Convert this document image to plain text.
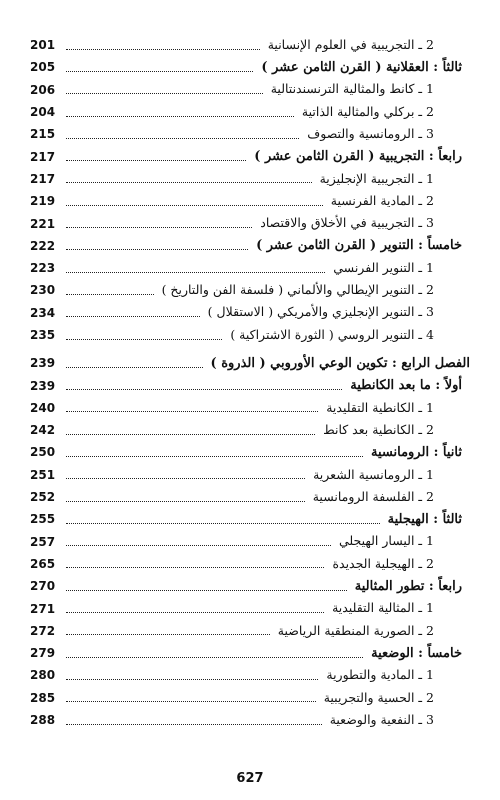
2 ـ التجريبية في العلوم الإنسانية
201
ثالثاً : العقلانية ( القرن الثامن عشر )
205
1 ـ كانط والمثالية الترنسندنتالية
206
2 ـ بركلي والمثالية الذاتية
204
3 ـ الرومانسية والتصوف
215
رابعاً : التجريبية ( القرن الثامن عشر )
217
1 ـ التجريبية الإنجليزية
217
2 ـ المادية الفرنسية
219
3 ـ التجريبية في الأخلاق والاقتصاد
221
خامساً : التنوير ( القرن الثامن عشر )
222
1 ـ التنوير الفرنسي
223
2 ـ التنوير الإيطالي والألماني ( فلسفة الفن والتاريخ )
230
3 ـ التنوير الإنجليزي والأمريكي ( الاستقلال )
234
4 ـ التنوير الروسي ( الثورة الاشتراكية )
235
الفصل الرابع : تكوين الوعي الأوروبي ( الذروة )
239
أولاً : ما بعد الكانطية
239
1 ـ الكانطية التقليدية
240
2 ـ الكانطية بعد كانط
242
ثانياً : الرومانسية
250
1 ـ الرومانسية الشعرية
251
2 ـ الفلسفة الرومانسية
252
ثالثاً : الهيجلية
255
1 ـ اليسار الهيجلي
257
2 ـ الهيجلية الجديدة
265
رابعاً : تطور المثالية
270
1 ـ المثالية التقليدية
271
2 ـ الصورية المنطقية الرياضية
272
خامساً : الوضعية
279
1 ـ المادية والتطورية
280
2 ـ الحسية والتجريبية
285
3 ـ النفعية والوضعية
288
627
